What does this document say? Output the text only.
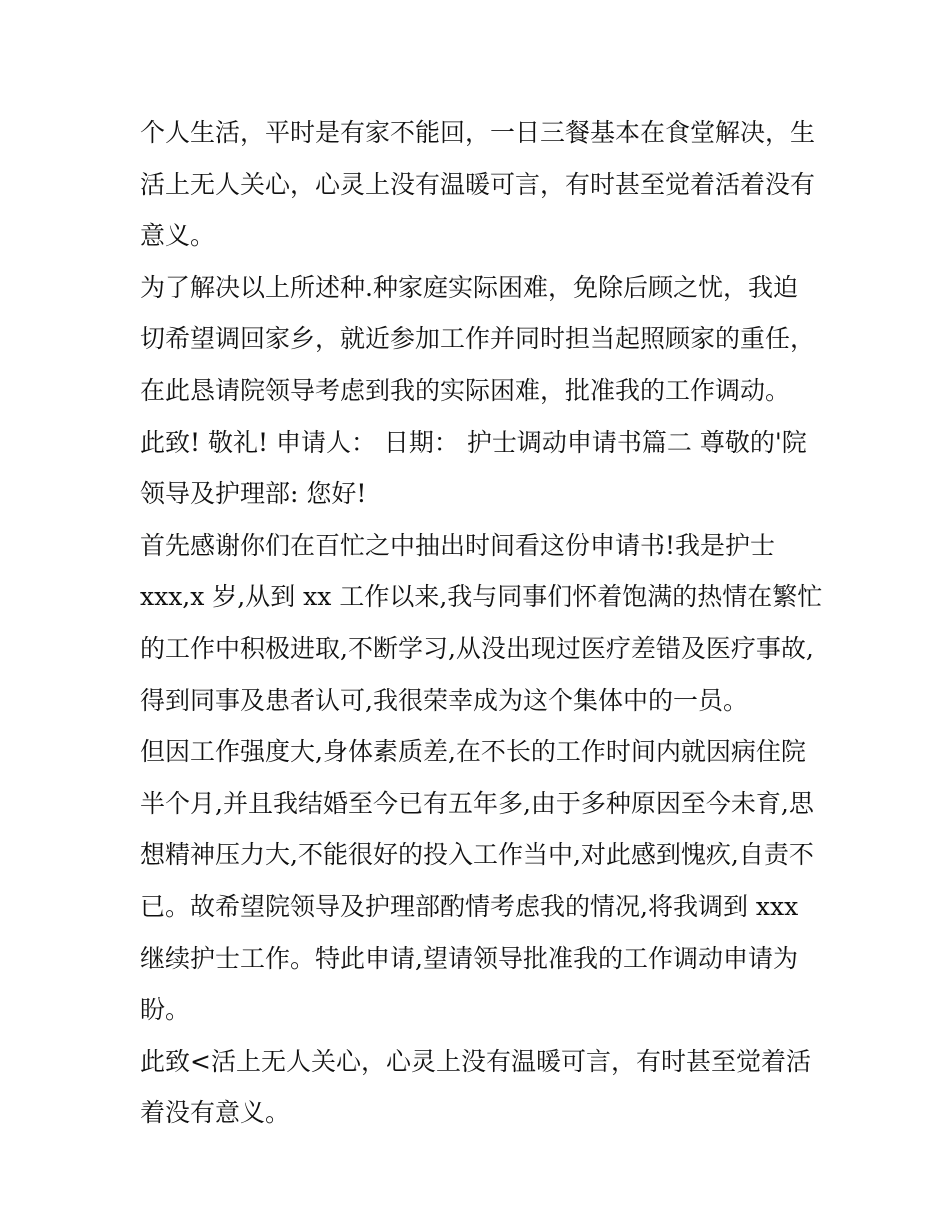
个人生活，平时是有家不能回，一日三餐基本在食堂解决，生
活上无人关心，心灵上没有温暖可言，有时甚至觉着活着没有
意义。
为了解决以上所述种.种家庭实际困难，免除后顾之忧，我迫
切希望调回家乡，就近参加工作并同时担当起照顾家的重任，
在此恳请院领导考虑到我的实际困难，批准我的工作调动。
此致! 敬礼! 申请人： 日期： 护士调动申请书篇二 尊敬的'院
领导及护理部: 您好!
首先感谢你们在百忙之中抽出时间看这份申请书!我是护士
xxx,x 岁,从到 xx 工作以来,我与同事们怀着饱满的热情在繁忙
的工作中积极进取,不断学习,从没出现过医疗差错及医疗事故,
得到同事及患者认可,我很荣幸成为这个集体中的一员。
但因工作强度大,身体素质差,在不长的工作时间内就因病住院
半个月,并且我结婚至今已有五年多,由于多种原因至今未育,思
想精神压力大,不能很好的投入工作当中,对此感到愧疚,自责不
已。故希望院领导及护理部酌情考虑我的情况,将我调到 xxx
继续护士工作。特此申请,望请领导批准我的工作调动申请为
盼。
此致<活上无人关心，心灵上没有温暖可言，有时甚至觉着活
着没有意义。
